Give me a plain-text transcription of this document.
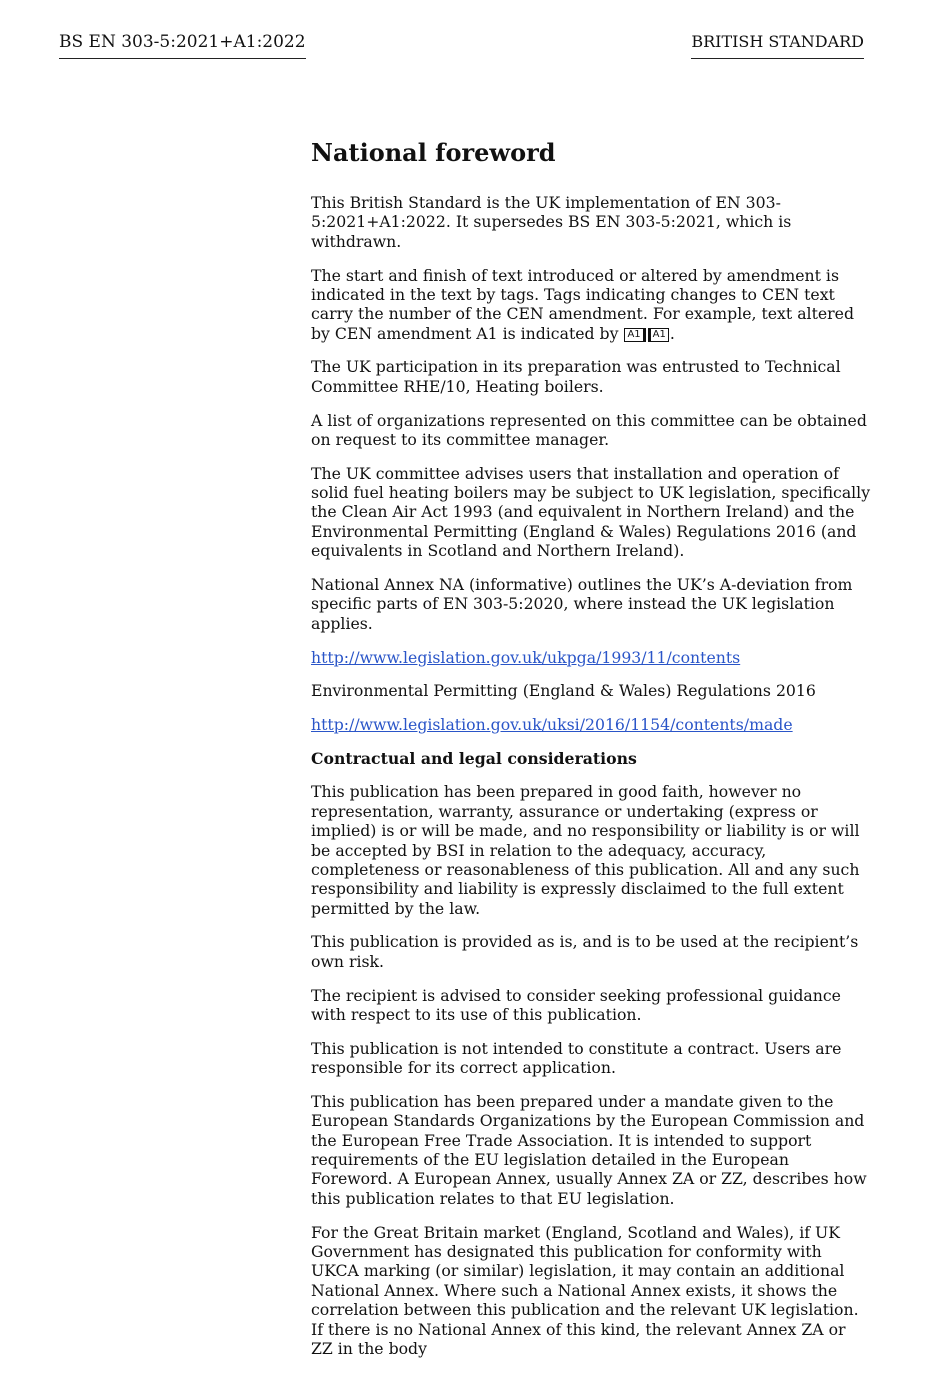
BS EN 303-5:2021+A1:2022	BRITISH STANDARD
National foreword

This British Standard is the UK implementation of EN 303-5:2021+A1:2022. It supersedes BS EN 303-5:2021, which is withdrawn.

The start and finish of text introduced or altered by amendment is indicated in the text by tags. Tags indicating changes to CEN text carry the number of the CEN amendment. For example, text altered by CEN amendment A1 is indicated by A1 A1 .

The UK participation in its preparation was entrusted to Technical Committee RHE/10, Heating boilers.

A list of organizations represented on this committee can be obtained on request to its committee manager.

The UK committee advises users that installation and operation of solid fuel heating boilers may be subject to UK legislation, specifically the Clean Air Act 1993 (and equivalent in Northern Ireland) and the Environmental Permitting (England & Wales) Regulations 2016 (and equivalents in Scotland and Northern Ireland).

National Annex NA (informative) outlines the UK’s A-deviation from specific parts of EN 303-5:2020, where instead the UK legislation applies.

http://www.legislation.gov.uk/ukpga/1993/11/contents

Environmental Permitting (England & Wales) Regulations 2016

http://www.legislation.gov.uk/uksi/2016/1154/contents/made

Contractual and legal considerations

This publication has been prepared in good faith, however no representation, warranty, assurance or undertaking (express or implied) is or will be made, and no responsibility or liability is or will be accepted by BSI in relation to the adequacy, accuracy, completeness or reasonableness of this publication. All and any such responsibility and liability is expressly disclaimed to the full extent permitted by the law.

This publication is provided as is, and is to be used at the recipient’s own risk.

The recipient is advised to consider seeking professional guidance with respect to its use of this publication.

This publication is not intended to constitute a contract. Users are responsible for its correct application.

This publication has been prepared under a mandate given to the European Standards Organizations by the European Commission and the European Free Trade Association. It is intended to support requirements of the EU legislation detailed in the European Foreword. A European Annex, usually Annex ZA or ZZ, describes how this publication relates to that EU legislation.

For the Great Britain market (England, Scotland and Wales), if UK Government has designated this publication for conformity with UKCA marking (or similar) legislation, it may contain an additional National Annex. Where such a National Annex exists, it shows the correlation between this publication and the relevant UK legislation. If there is no National Annex of this kind, the relevant Annex ZA or ZZ in the body
